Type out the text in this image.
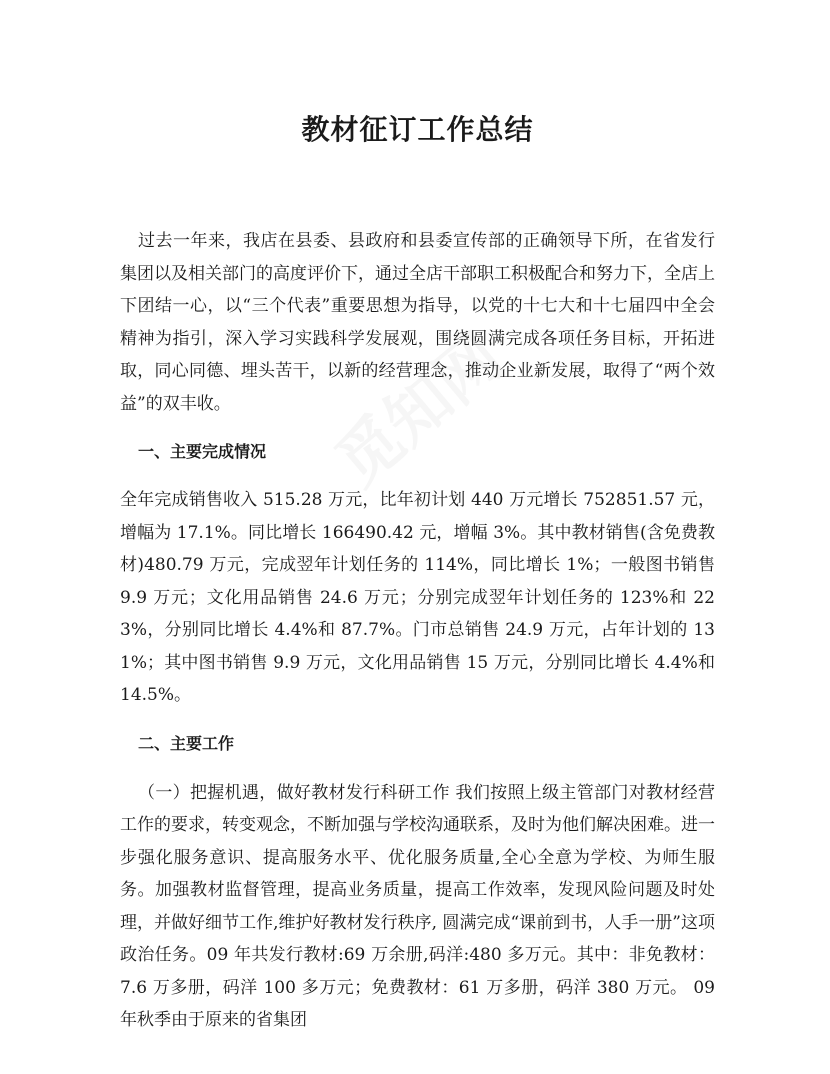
教材征订工作总结

过去一年来，我店在县委、县政府和县委宣传部的正确领导下所，在省发行集团以及相关部门的高度评价下，通过全店干部职工积极配合和努力下，全店上下团结一心，以“三个代表”重要思想为指导，以党的十七大和十七届四中全会精神为指引，深入学习实践科学发展观，围绕圆满完成各项任务目标，开拓进取，同心同德、埋头苦干，以新的经营理念，推动企业新发展，取得了“两个效益”的双丰收。

一、主要完成情况

全年完成销售收入 515.28 万元，比年初计划 440 万元增长 752851.57 元，增幅为 17.1%。同比增长 166490.42 元，增幅 3%。其中教材销售(含免费教材)480.79 万元，完成翌年计划任务的 114%，同比增长 1%；一般图书销售 9.9 万元；文化用品销售 24.6 万元；分别完成翌年计划任务的 123%和 223%，分别同比增长 4.4%和 87.7%。门市总销售 24.9 万元，占年计划的 131%；其中图书销售 9.9 万元，文化用品销售 15 万元，分别同比增长 4.4%和 14.5%。

二、主要工作

（一）把握机遇，做好教材发行科研工作 我们按照上级主管部门对教材经营工作的要求，转变观念，不断加强与学校沟通联系，及时为他们解决困难。进一步强化服务意识、提高服务水平、优化服务质量,全心全意为学校、为师生服务。加强教材监督管理，提高业务质量，提高工作效率，发现风险问题及时处理，并做好细节工作,维护好教材发行秩序, 圆满完成“课前到书，人手一册”这项政治任务。09 年共发行教材:69 万余册,码洋:480 多万元。其中：非免教材：7.6 万多册，码洋 100 多万元；免费教材：61 万多册，码洋 380 万元。 09 年秋季由于原来的省集团
